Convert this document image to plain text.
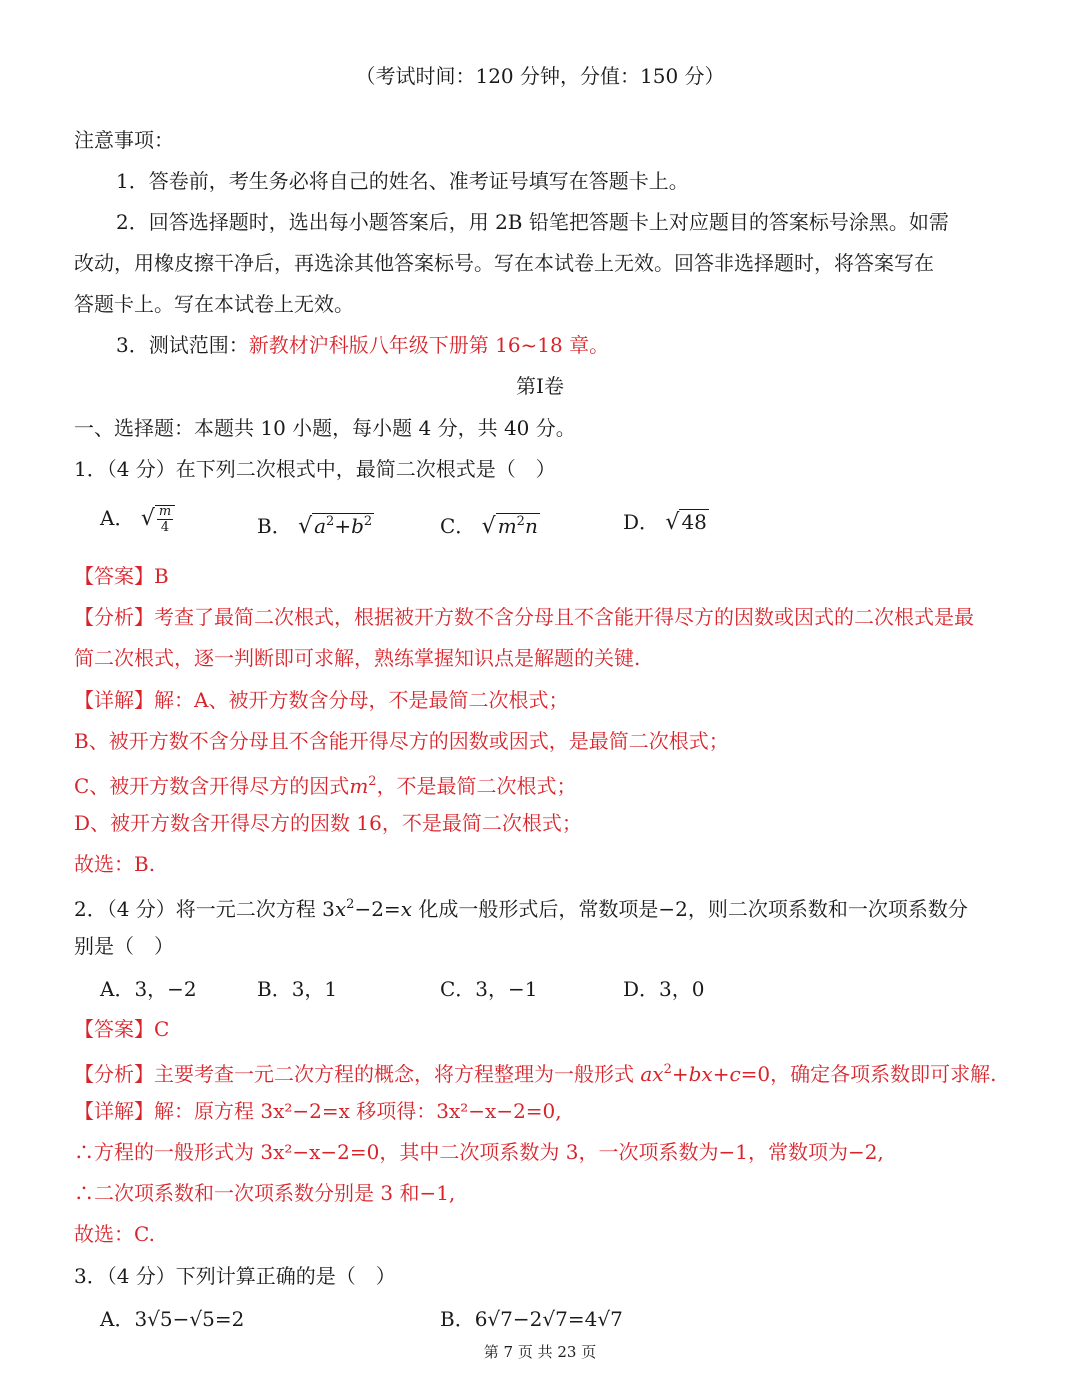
（考试时间：120 分钟，分值：150 分）
注意事项：
1．答卷前，考生务必将自己的姓名、准考证号填写在答题卡上。
2．回答选择题时，选出每小题答案后，用 2B 铅笔把答题卡上对应题目的答案标号涂黑。如需
改动，用橡皮擦干净后，再选涂其他答案标号。写在本试卷上无效。回答非选择题时，将答案写在
答题卡上。写在本试卷上无效。
3．测试范围：新教材沪科版八年级下册第 16~18 章。
第Ⅰ卷
一、选择题：本题共 10 小题，每小题 4 分，共 40 分。
1．（4 分）在下列二次根式中，最简二次根式是（　）
A． √ $\frac{m}{4}$	B． √ $a^2+b^2$	C． √ $m^2n$	D． √ 48
【答案】B
【分析】考查了最简二次根式，根据被开方数不含分母且不含能开得尽方的因数或因式的二次根式是最
简二次根式，逐一判断即可求解，熟练掌握知识点是解题的关键.
【详解】解：A、被开方数含分母，不是最简二次根式；
B、被开方数不含分母且不含能开得尽方的因数或因式，是最简二次根式；
C、被开方数含开得尽方的因式$m^2$，不是最简二次根式；
D、被开方数含开得尽方的因数 16，不是最简二次根式；
故选：B.
2．（4 分）将一元二次方程 $3x^2-2=x$ 化成一般形式后，常数项是−2，则二次项系数和一次项系数分
别是（　）
A．3，−2	B．3，1	C．3，−1	D．3，0
【答案】C
【分析】主要考查一元二次方程的概念，将方程整理为一般形式 $ax^2+bx+c=0$，确定各项系数即可求解.
【详解】解：原方程 3x²−2=x 移项得：3x²−x−2=0,
∴方程的一般形式为 3x²−x−2=0，其中二次项系数为 3，一次项系数为−1，常数项为−2,
∴二次项系数和一次项系数分别是 3 和−1,
故选：C.
3．（4 分）下列计算正确的是（　）
A．3√5−√5=2	B．6√7−2√7=4√7
第 7 页 共 23 页
